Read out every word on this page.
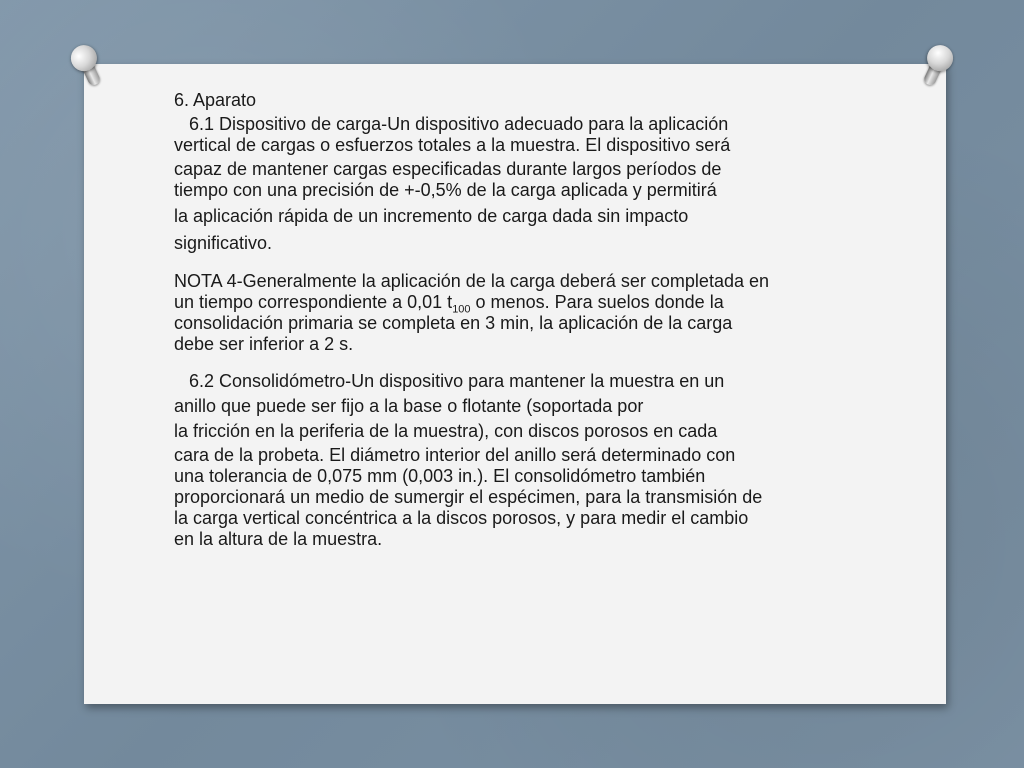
6. Aparato

6.1 Dispositivo de carga-Un dispositivo adecuado para la aplicación

vertical de cargas o esfuerzos totales a la muestra. El dispositivo será

capaz de mantener cargas especificadas durante largos períodos de

tiempo con una precisión de +-0,5% de la carga aplicada y permitirá

la aplicación rápida de un incremento de carga dada sin impacto

significativo.

NOTA 4-Generalmente la aplicación de la carga deberá ser completada en

un tiempo correspondiente a 0,01 $t_{100}$ o menos. Para suelos donde la

consolidación primaria se completa en 3 min, la aplicación de la carga

debe ser inferior a 2 s.

6.2 Consolidómetro-Un dispositivo para mantener la muestra en un

anillo que puede ser fijo a la base o flotante (soportada por

la fricción en la periferia de la muestra), con discos porosos en cada

cara de la probeta. El diámetro interior del anillo será determinado con

una tolerancia de 0,075 mm (0,003 in.). El consolidómetro también

proporcionará un medio de sumergir el espécimen, para la transmisión de

la carga vertical concéntrica a la discos porosos, y para medir el cambio

en la altura de la muestra.
